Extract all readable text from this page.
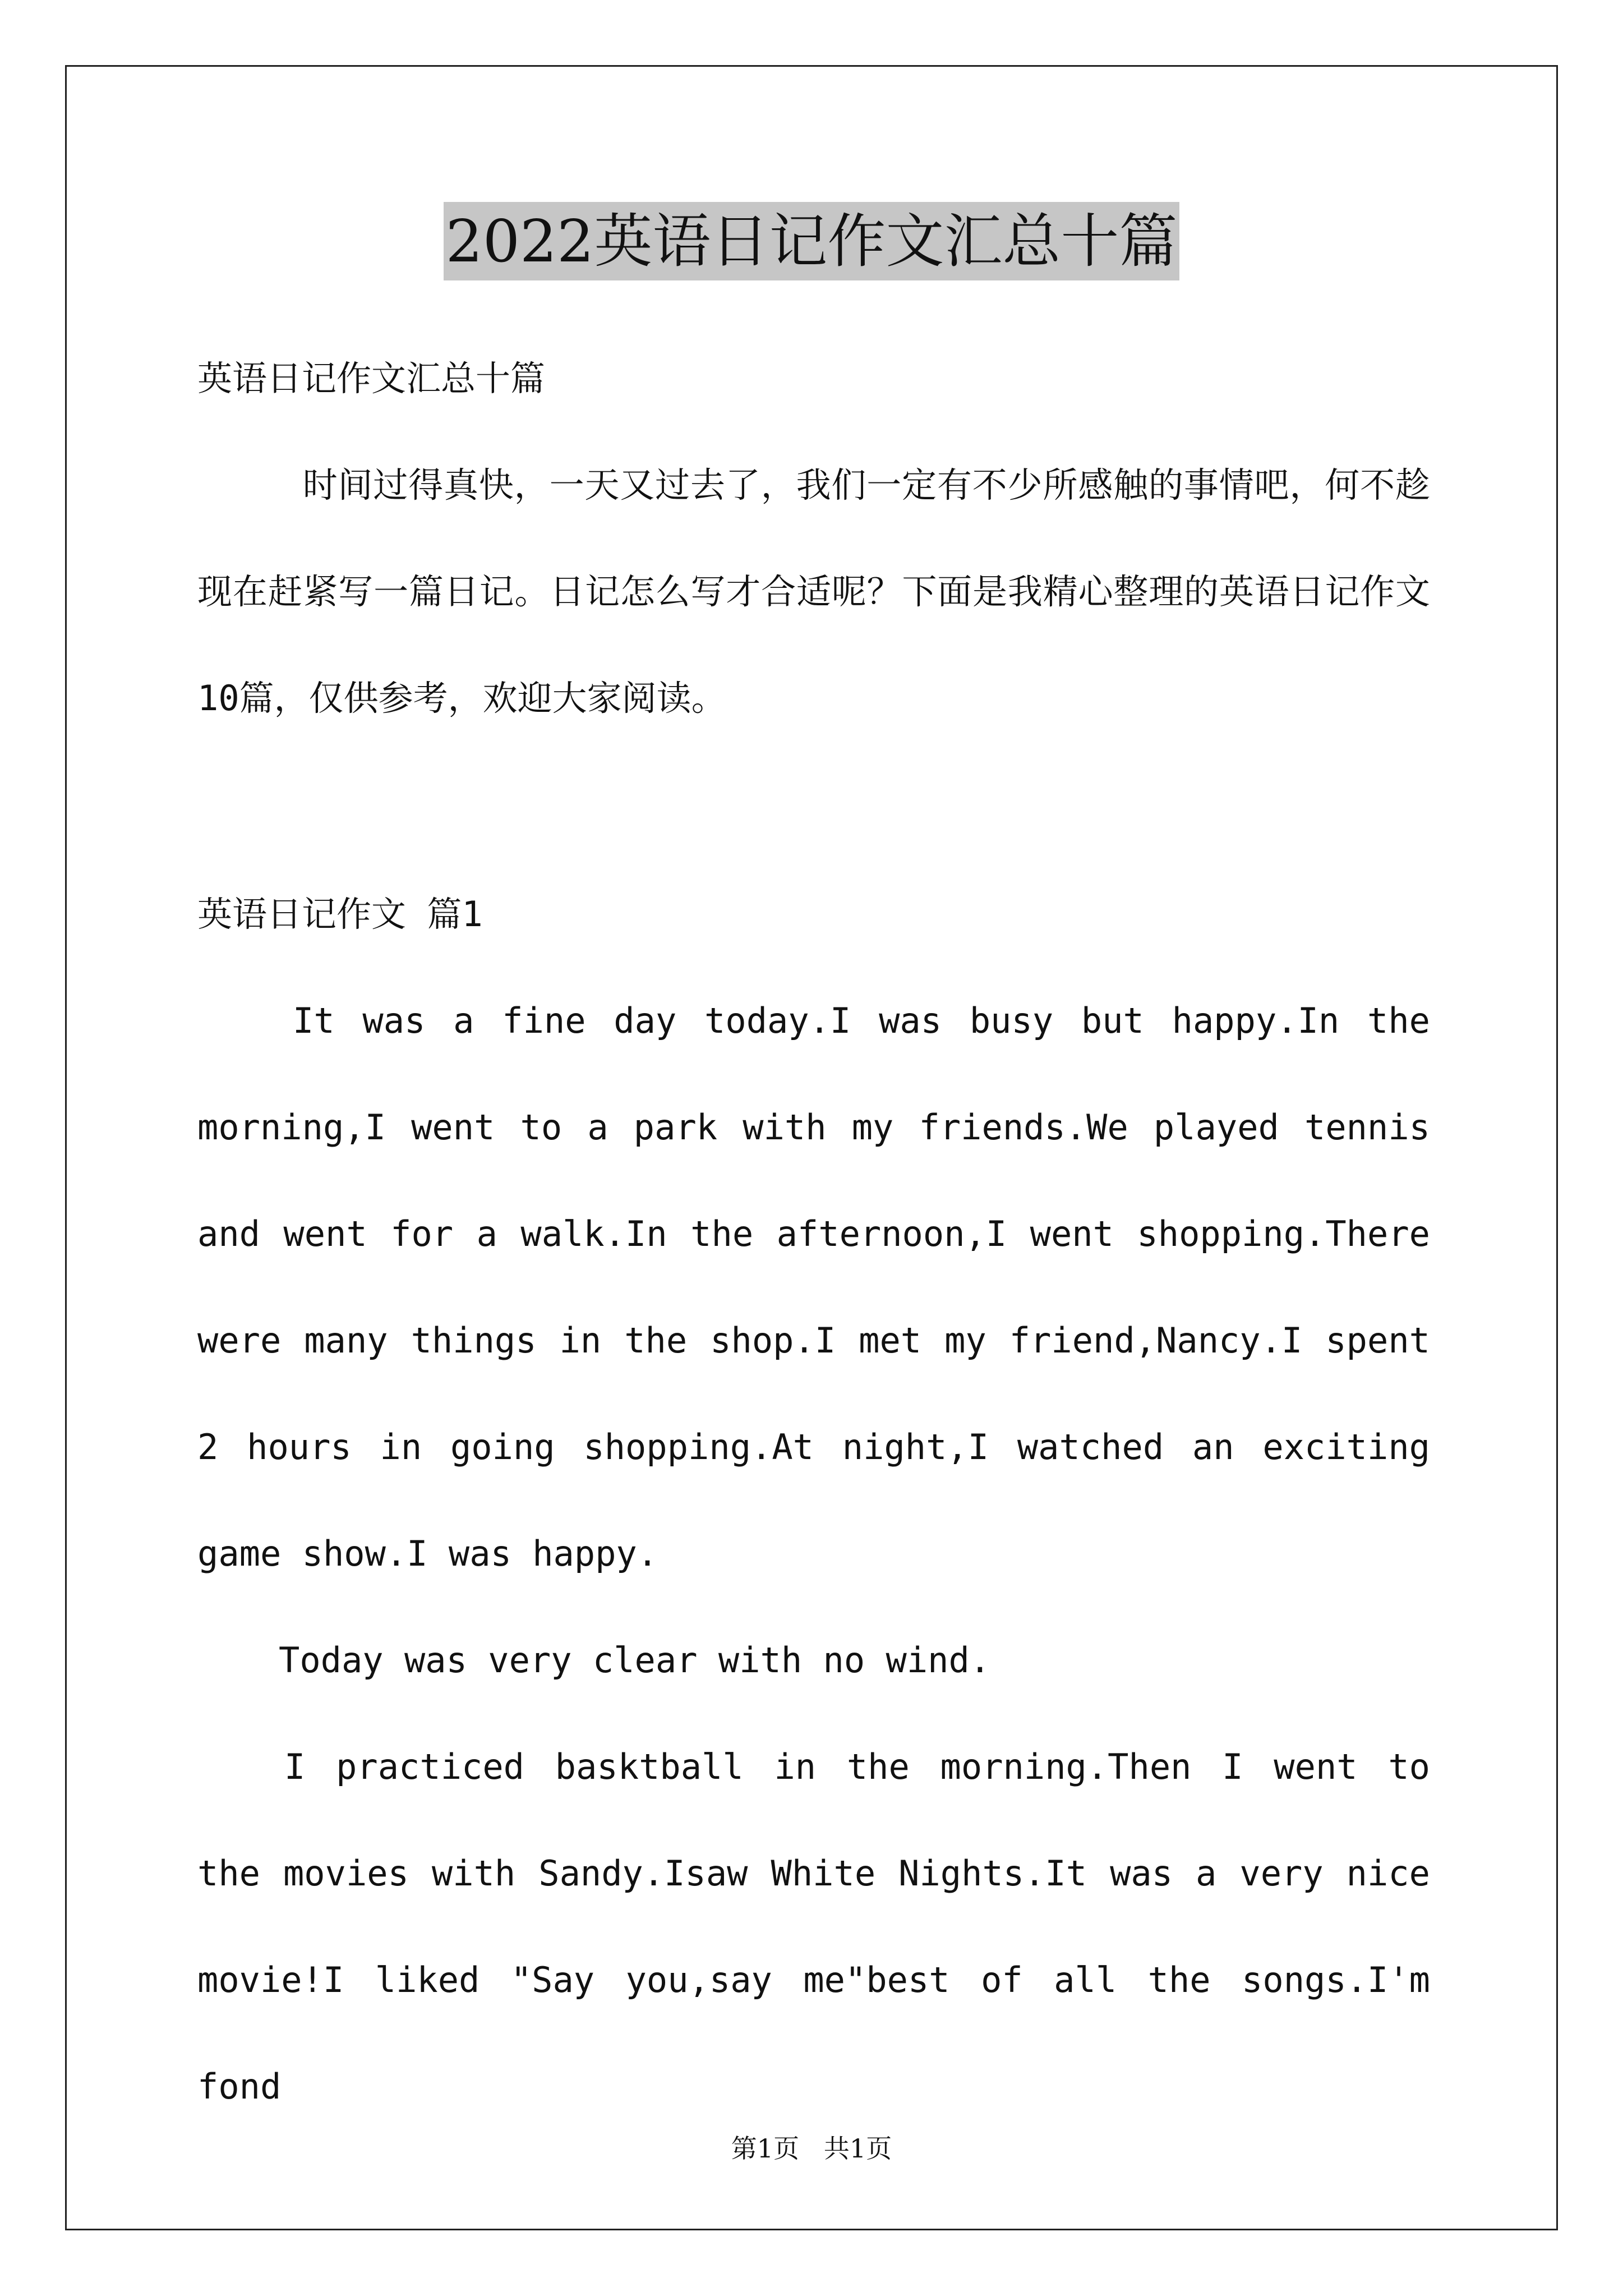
2022英语日记作文汇总十篇

英语日记作文汇总十篇

　　时间过得真快，一天又过去了，我们一定有不少所感触的事情吧，何不趁现在赶紧写一篇日记。日记怎么写才合适呢？下面是我精心整理的英语日记作文10篇，仅供参考，欢迎大家阅读。

英语日记作文 篇1

It was a fine day today.I was busy but happy.In the morning,I went to a park with my friends.We played tennis and went for a walk.In the afternoon,I went shopping.There were many things in the shop.I met my friend,Nancy.I spent 2 hours in going shopping.At night,I watched an exciting game show.I was happy.

Today was very clear with no wind.

I practiced basktball in the morning.Then I went to the movies with Sandy.Isaw White Nights.It was a very nice movie!I liked "Say you,say me"best of all the songs.I'm fond

第1页   共1页
